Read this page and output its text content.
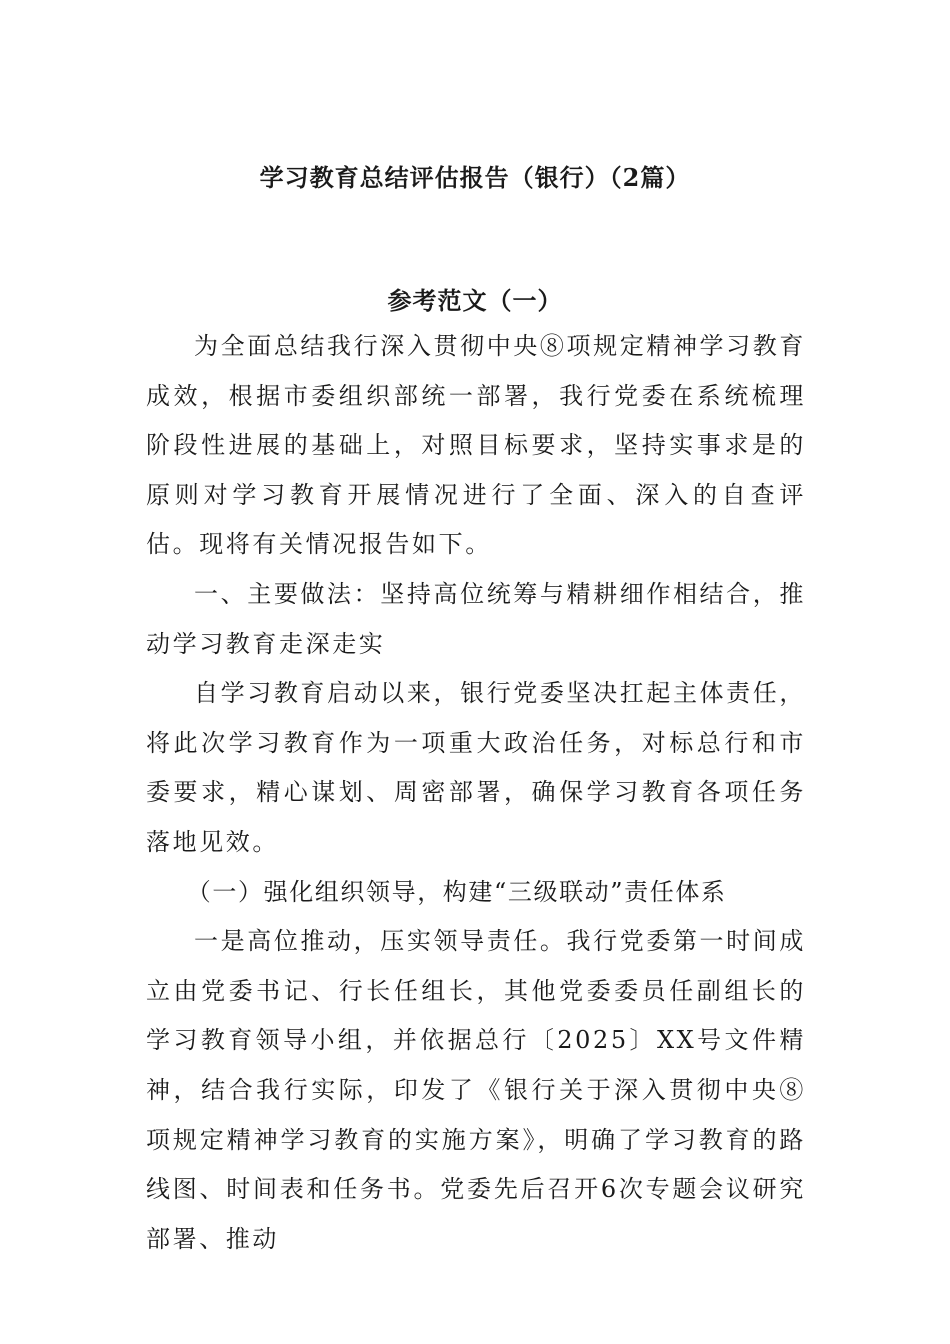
学习教育总结评估报告（银行）（2篇）
参考范文（一）

为全面总结我行深入贯彻中央⑧项规定精神学习教育成效，根据市委组织部统一部署，我行党委在系统梳理阶段性进展的基础上，对照目标要求，坚持实事求是的原则对学习教育开展情况进行了全面、深入的自查评估。现将有关情况报告如下。

一、主要做法：坚持高位统筹与精耕细作相结合，推动学习教育走深走实

自学习教育启动以来，银行党委坚决扛起主体责任，将此次学习教育作为一项重大政治任务，对标总行和市委要求，精心谋划、周密部署，确保学习教育各项任务落地见效。

（一）强化组织领导，构建“三级联动”责任体系

一是高位推动，压实领导责任。我行党委第一时间成立由党委书记、行长任组长，其他党委委员任副组长的学习教育领导小组，并依据总行〔2025〕XX号文件精神，结合我行实际，印发了《银行关于深入贯彻中央⑧项规定精神学习教育的实施方案》，明确了学习教育的路线图、时间表和任务书。党委先后召开6次专题会议研究部署、推动
